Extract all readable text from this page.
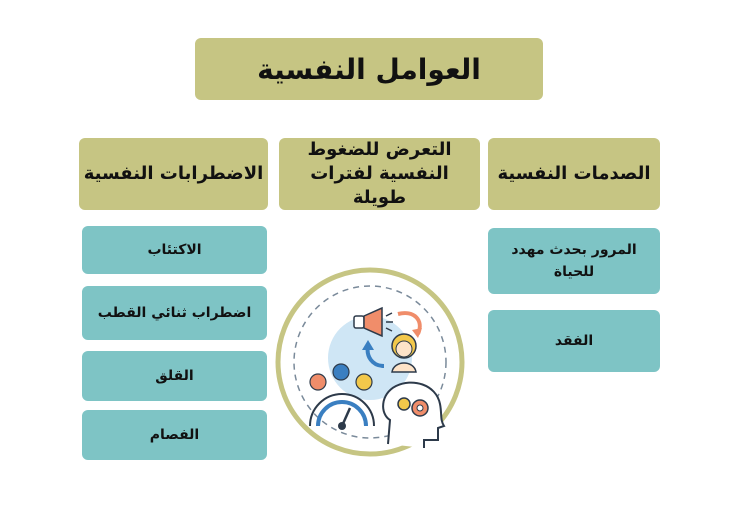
العوامل النفسية
الصدمات النفسية
التعرض للضغوط النفسية لفترات طويلة
الاضطرابات النفسية
المرور بحدث مهدد للحياة
الفقد
الاكتئاب
اضطراب ثنائي القطب
القلق
الفصام
